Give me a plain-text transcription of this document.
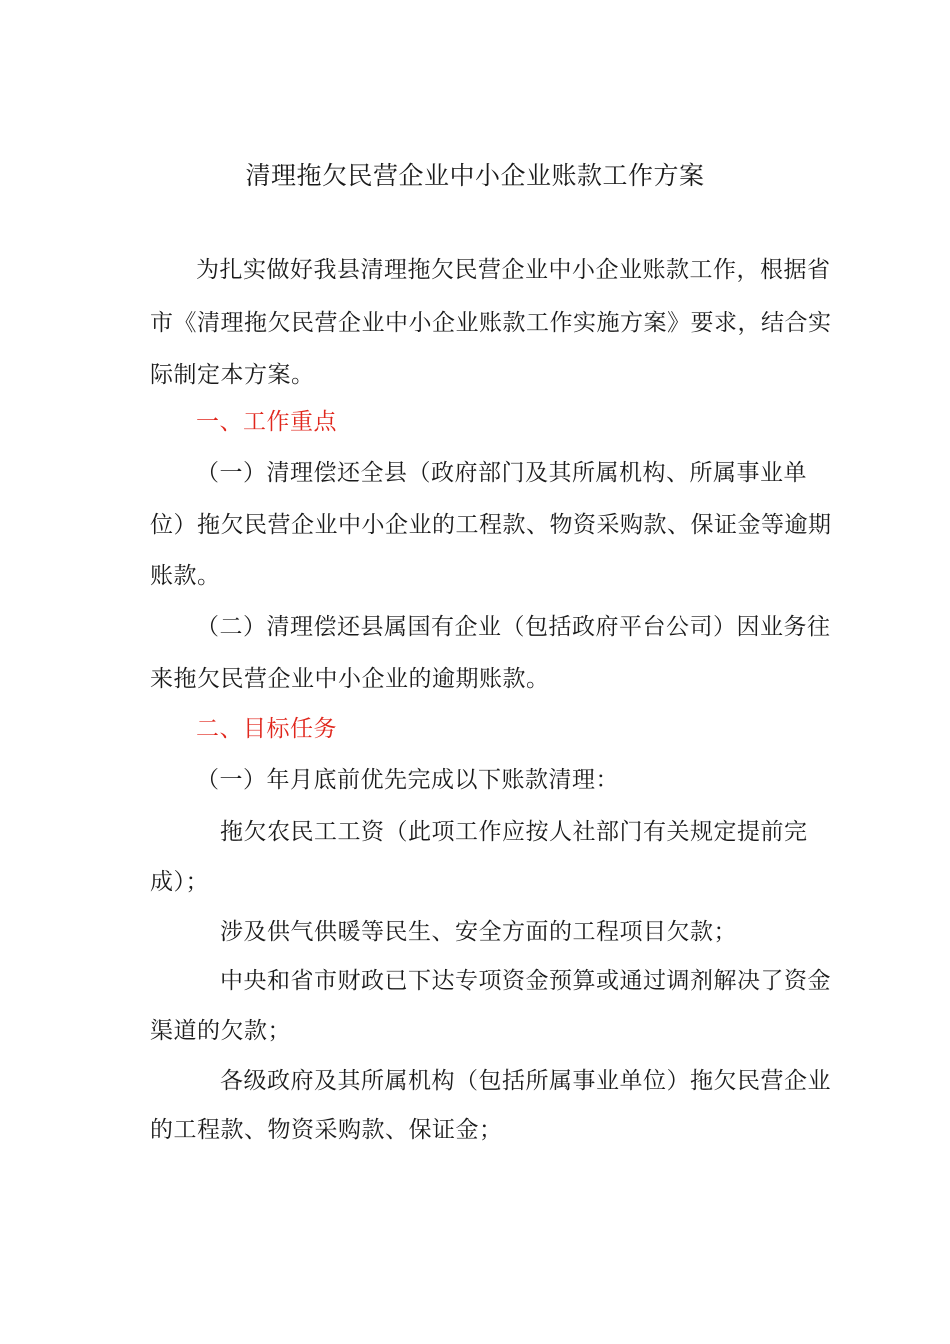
清理拖欠民营企业中小企业账款工作方案
为扎实做好我县清理拖欠民营企业中小企业账款工作，根据省
市《清理拖欠民营企业中小企业账款工作实施方案》要求，结合实
际制定本方案。
一、工作重点
（一）清理偿还全县（政府部门及其所属机构、所属事业单
位）拖欠民营企业中小企业的工程款、物资采购款、保证金等逾期
账款。
（二）清理偿还县属国有企业（包括政府平台公司）因业务往
来拖欠民营企业中小企业的逾期账款。
二、目标任务
（一）年月底前优先完成以下账款清理：
拖欠农民工工资（此项工作应按人社部门有关规定提前完
成）；
涉及供气供暖等民生、安全方面的工程项目欠款；
中央和省市财政已下达专项资金预算或通过调剂解决了资金
渠道的欠款；
各级政府及其所属机构（包括所属事业单位）拖欠民营企业
的工程款、物资采购款、保证金；
